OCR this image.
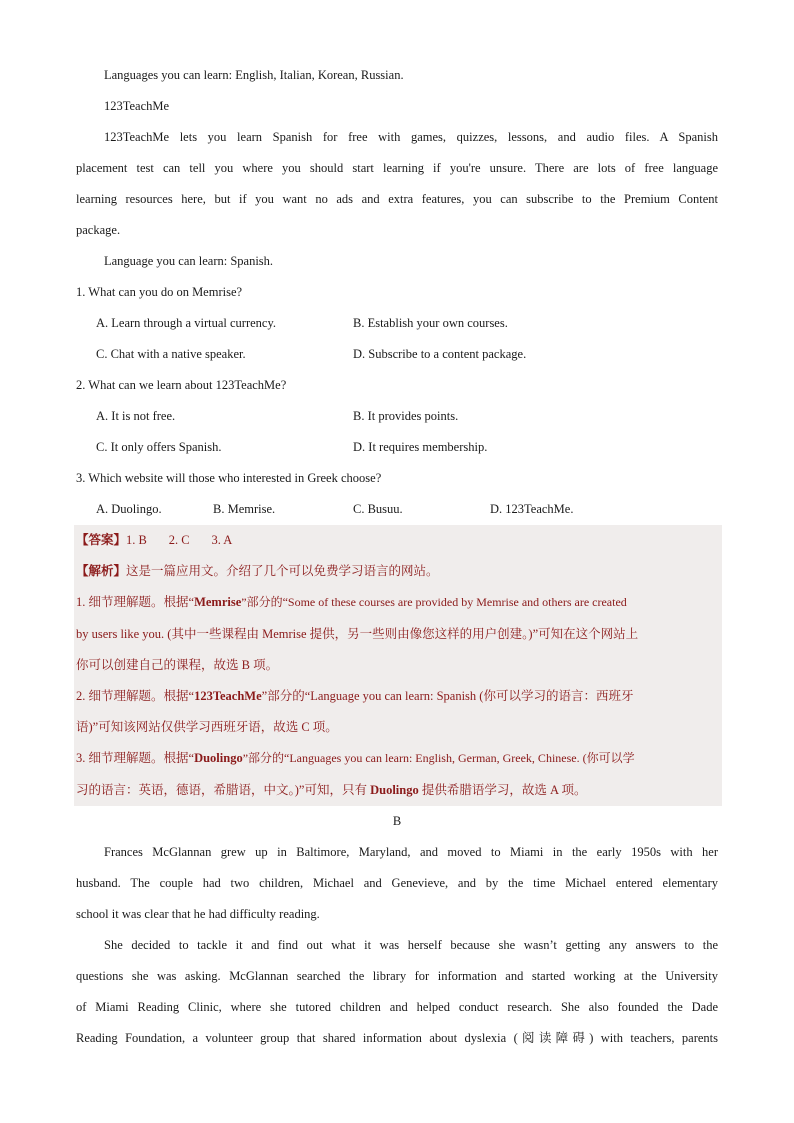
Languages you can learn: English, Italian, Korean, Russian.
123TeachMe
123TeachMe lets you learn Spanish for free with games, quizzes, lessons, and audio files. A Spanish
placement test can tell you where you should start learning if you're unsure. There are lots of free language
learning resources here, but if you want no ads and extra features, you can subscribe to the Premium Content
package.
Language you can learn: Spanish.
1. What can you do on Memrise?
A. Learn through a virtual currency.	B. Establish your own courses.
C. Chat with a native speaker.	D. Subscribe to a content package.
2. What can we learn about 123TeachMe?
A. It is not free.	B. It provides points.
C. It only offers Spanish.	D. It requires membership.
3. Which website will those who interested in Greek choose?
A. Duolingo.	B. Memrise.	C. Busuu.	D. 123TeachMe.
【答案】1. B       2. C       3. A
【解析】这是一篇应用文。介绍了几个可以免费学习语言的网站。
1. 细节理解题。根据“Memrise”部分的“Some of these courses are provided by Memrise and others are created
by users like you. (其中一些课程由 Memrise 提供，另一些则由像您这样的用户创建。)”可知在这个网站上
你可以创建自己的课程，故选 B 项。
2. 细节理解题。根据“123TeachMe”部分的“Language you can learn: Spanish (你可以学习的语言：西班牙
语)”可知该网站仅供学习西班牙语，故选 C 项。
3. 细节理解题。根据“Duolingo”部分的“Languages you can learn: English, German, Greek, Chinese. (你可以学
习的语言：英语，德语，希腊语，中文。)”可知，只有 Duolingo 提供希腊语学习，故选 A 项。
B
Frances McGlannan grew up in Baltimore, Maryland, and moved to Miami in the early 1950s with her
husband. The couple had two children, Michael and Genevieve, and by the time Michael entered elementary
school it was clear that he had difficulty reading.
She decided to tackle it and find out what it was herself because she wasn’t getting any answers to the
questions she was asking. McGlannan searched the library for information and started working at the University
of Miami Reading Clinic, where she tutored children and helped conduct research. She also founded the Dade
Reading Foundation, a volunteer group that shared information about dyslexia (阅读障碍) with teachers, parents
